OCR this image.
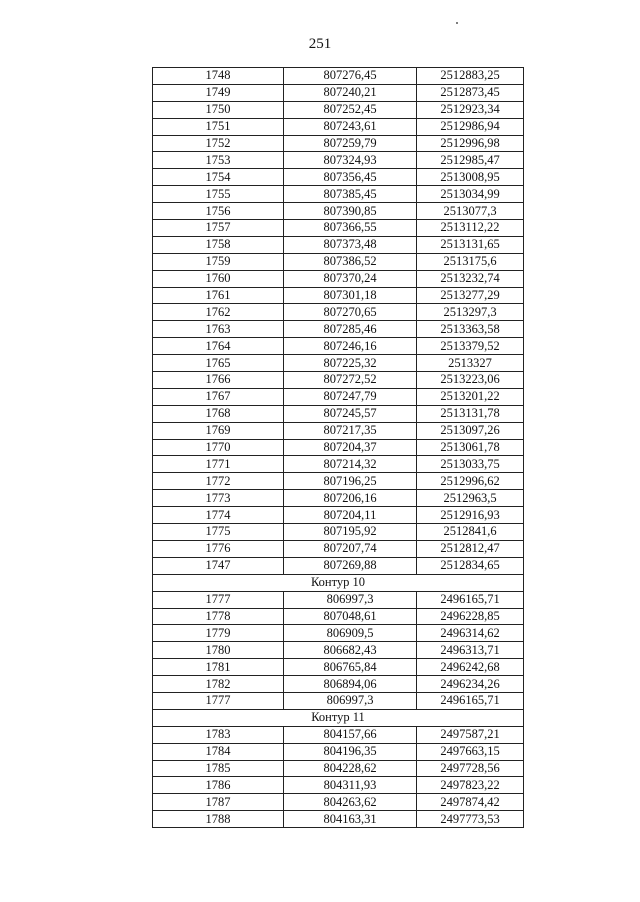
251
1748	807276,45	2512883,25
1749	807240,21	2512873,45
1750	807252,45	2512923,34
1751	807243,61	2512986,94
1752	807259,79	2512996,98
1753	807324,93	2512985,47
1754	807356,45	2513008,95
1755	807385,45	2513034,99
1756	807390,85	2513077,3
1757	807366,55	2513112,22
1758	807373,48	2513131,65
1759	807386,52	2513175,6
1760	807370,24	2513232,74
1761	807301,18	2513277,29
1762	807270,65	2513297,3
1763	807285,46	2513363,58
1764	807246,16	2513379,52
1765	807225,32	2513327
1766	807272,52	2513223,06
1767	807247,79	2513201,22
1768	807245,57	2513131,78
1769	807217,35	2513097,26
1770	807204,37	2513061,78
1771	807214,32	2513033,75
1772	807196,25	2512996,62
1773	807206,16	2512963,5
1774	807204,11	2512916,93
1775	807195,92	2512841,6
1776	807207,74	2512812,47
1747	807269,88	2512834,65
Контур 10		
1777	806997,3	2496165,71
1778	807048,61	2496228,85
1779	806909,5	2496314,62
1780	806682,43	2496313,71
1781	806765,84	2496242,68
1782	806894,06	2496234,26
1777	806997,3	2496165,71
Контур 11		
1783	804157,66	2497587,21
1784	804196,35	2497663,15
1785	804228,62	2497728,56
1786	804311,93	2497823,22
1787	804263,62	2497874,42
1788	804163,31	2497773,53
